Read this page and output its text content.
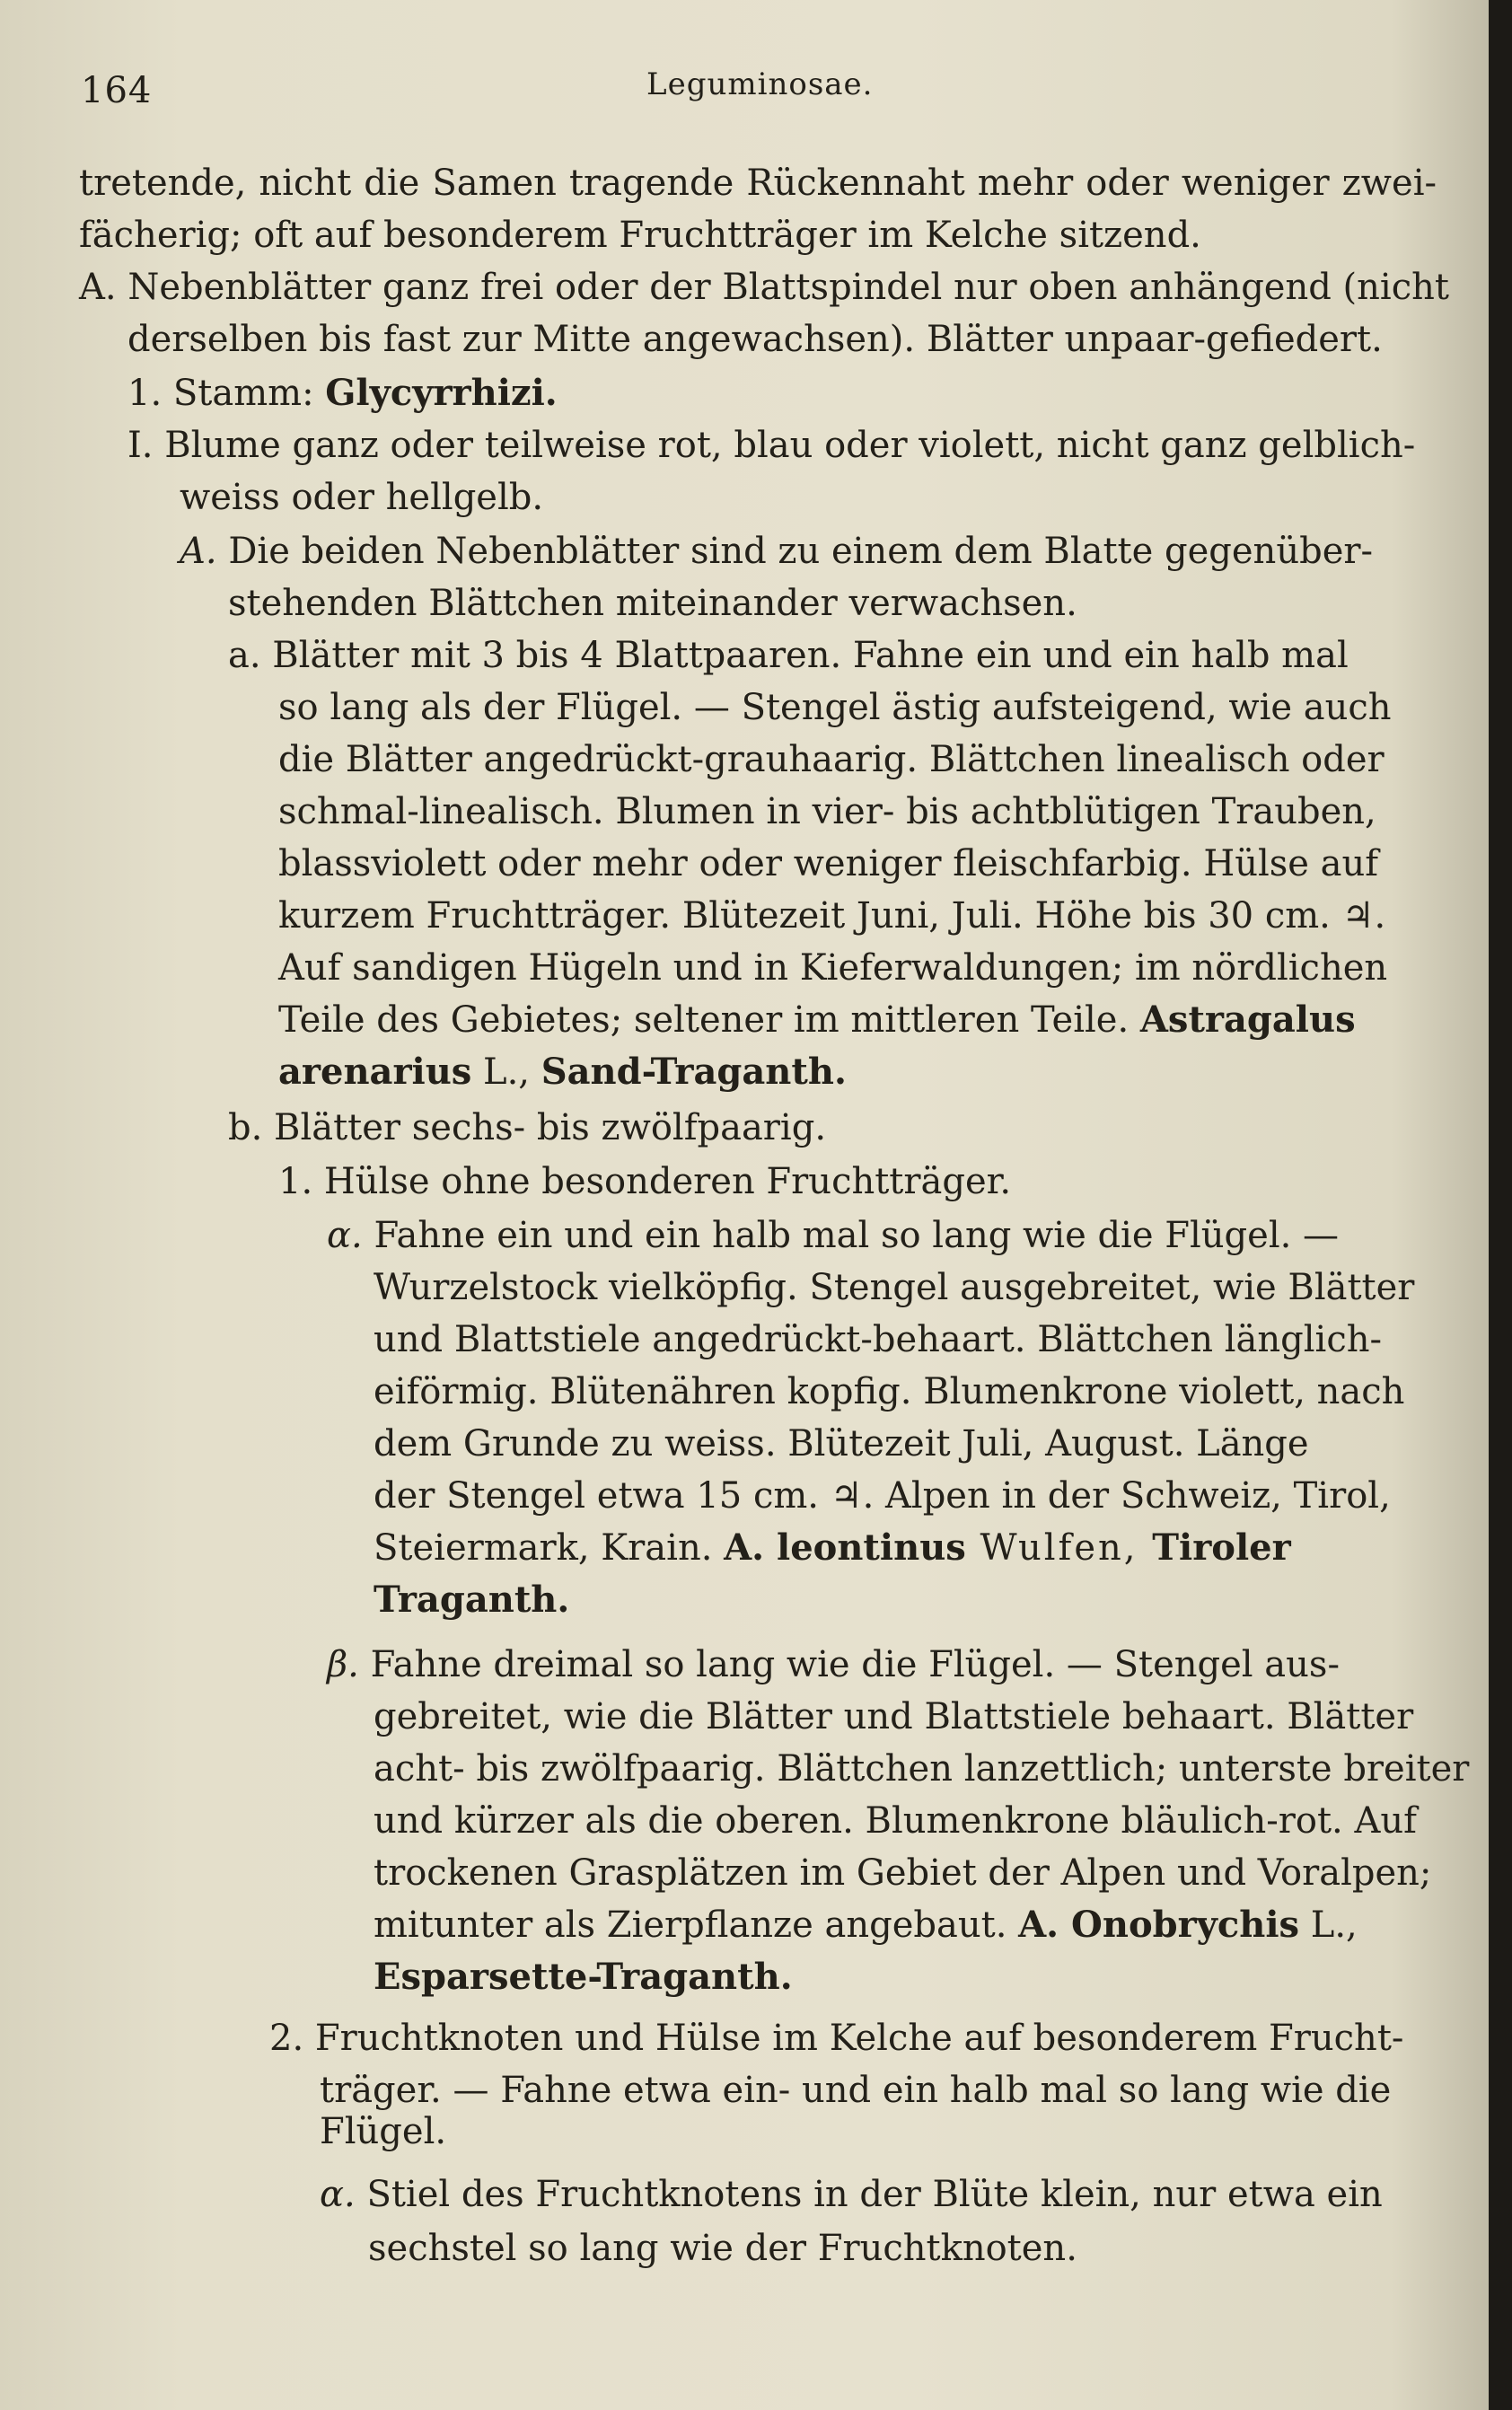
164	Leguminosae.
tretende, nicht die Samen tragende Rückennaht mehr oder weniger zwei-
fächerig; oft auf besonderem Fruchtträger im Kelche sitzend.
A. Nebenblätter ganz frei oder der Blattspindel nur oben anhängend (nicht
derselben bis fast zur Mitte angewachsen). Blätter unpaar-gefiedert.
1. Stamm: Glycyrrhizi.
I. Blume ganz oder teilweise rot, blau oder violett, nicht ganz gelblich-
weiss oder hellgelb.
A. Die beiden Nebenblätter sind zu einem dem Blatte gegenüber-
stehenden Blättchen miteinander verwachsen.
a. Blätter mit 3 bis 4 Blattpaaren. Fahne ein und ein halb mal
so lang als der Flügel. — Stengel ästig aufsteigend, wie auch
die Blätter angedrückt-grauhaarig. Blättchen linealisch oder
schmal-linealisch. Blumen in vier- bis achtblütigen Trauben,
blassviolett oder mehr oder weniger fleischfarbig. Hülse auf
kurzem Fruchtträger. Blütezeit Juni, Juli. Höhe bis 30 cm. ♃.
Auf sandigen Hügeln und in Kieferwaldungen; im nördlichen
Teile des Gebietes; seltener im mittleren Teile. Astragalus
arenarius L., Sand-Traganth.
b. Blätter sechs- bis zwölfpaarig.
1. Hülse ohne besonderen Fruchtträger.
α. Fahne ein und ein halb mal so lang wie die Flügel. —
Wurzelstock vielköpfig. Stengel ausgebreitet, wie Blätter
und Blattstiele angedrückt-behaart. Blättchen länglich-
eiförmig. Blütenähren kopfig. Blumenkrone violett, nach
dem Grunde zu weiss. Blütezeit Juli, August. Länge
der Stengel etwa 15 cm. ♃. Alpen in der Schweiz, Tirol,
Steiermark, Krain. A. leontinus Wulfen, Tiroler
Traganth.
β. Fahne dreimal so lang wie die Flügel. — Stengel aus-
gebreitet, wie die Blätter und Blattstiele behaart. Blätter
acht- bis zwölfpaarig. Blättchen lanzettlich; unterste breiter
und kürzer als die oberen. Blumenkrone bläulich-rot. Auf
trockenen Grasplätzen im Gebiet der Alpen und Voralpen;
mitunter als Zierpflanze angebaut. A. Onobrychis L.,
Esparsette-Traganth.
2. Fruchtknoten und Hülse im Kelche auf besonderem Frucht-
träger. — Fahne etwa ein- und ein halb mal so lang wie die
Flügel.
α. Stiel des Fruchtknotens in der Blüte klein, nur etwa ein
sechstel so lang wie der Fruchtknoten.
